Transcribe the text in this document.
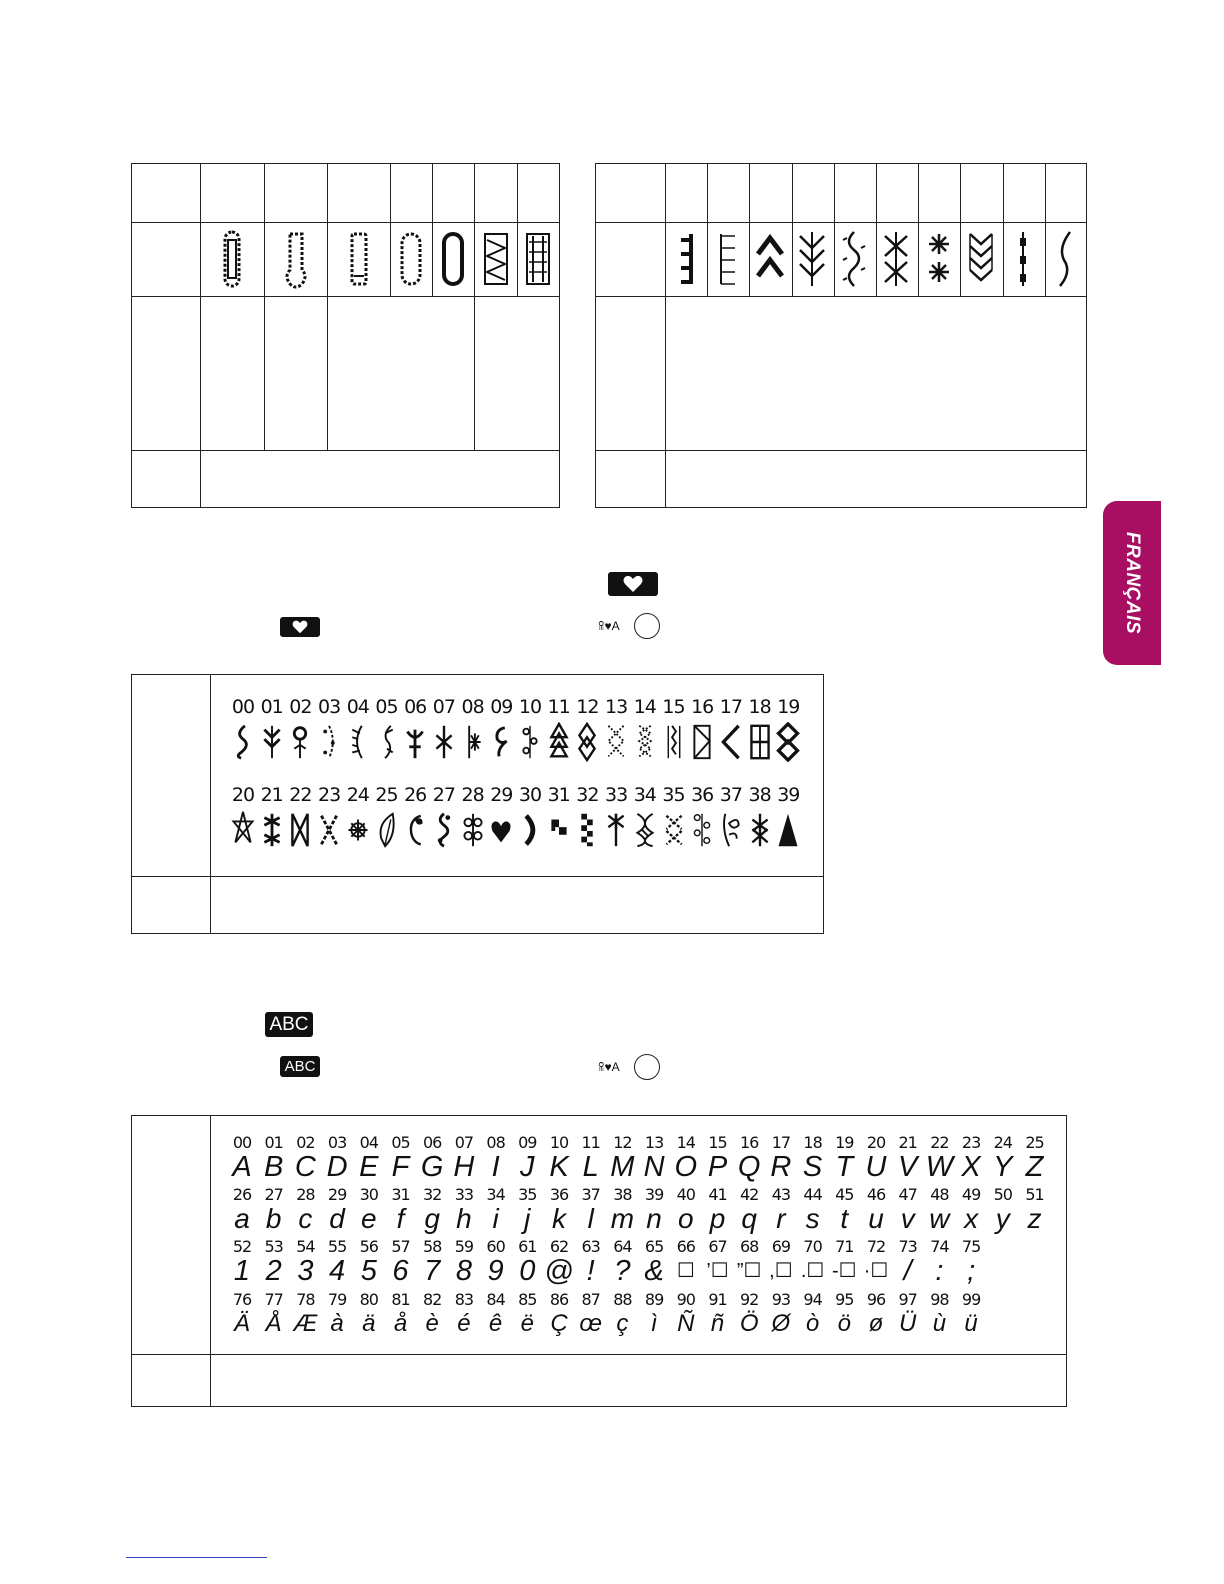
FRANÇAIS
ꕉ♥A
00 01 02 03 04 05 06 07 08 09 10 11 12 13 14 15 16 17 18 19
20 21 22 23 24 25 26 27 28 29 30 31 32 33 34 35 36 37 38 39
ABC
ABC	ꕉ♥A
00
A
01
B
02
C
03
D
04
E
05
F
06
G
07
H
08
I
09
J
10
K
11
L
12
M
13
N
14
O
15
P
16
Q
17
R
18
S
19
T
20
U
21
V
22
W
23
X
24
Y
25
Z
26
a
27
b
28
c
29
d
30
e
31
f
32
g
33
h
34
i
35
j
36
k
37
l
38
m
39
n
40
o
41
p
42
q
43
r
44
s
45
t
46
u
47
v
48
w
49
x
50
y
51
z
52
1
53
2
54
3
55
4
56
5
57
6
58
7
59
8
60
9
61
0
62
@
63
!
64
?
65
&
66
☐
67
’☐
68
”☐
69
,☐
70
.☐
71
-☐
72
·☐
73
/
74
:
75
;
76
Ä
77
Å
78
Æ
79
à
80
ä
81
å
82
è
83
é
84
ê
85
ë
86
Ç
87
œ
88
ç
89
ì
90
Ñ
91
ñ
92
Ö
93
Ø
94
ò
95
ö
96
ø
97
Ü
98
ù
99
ü
